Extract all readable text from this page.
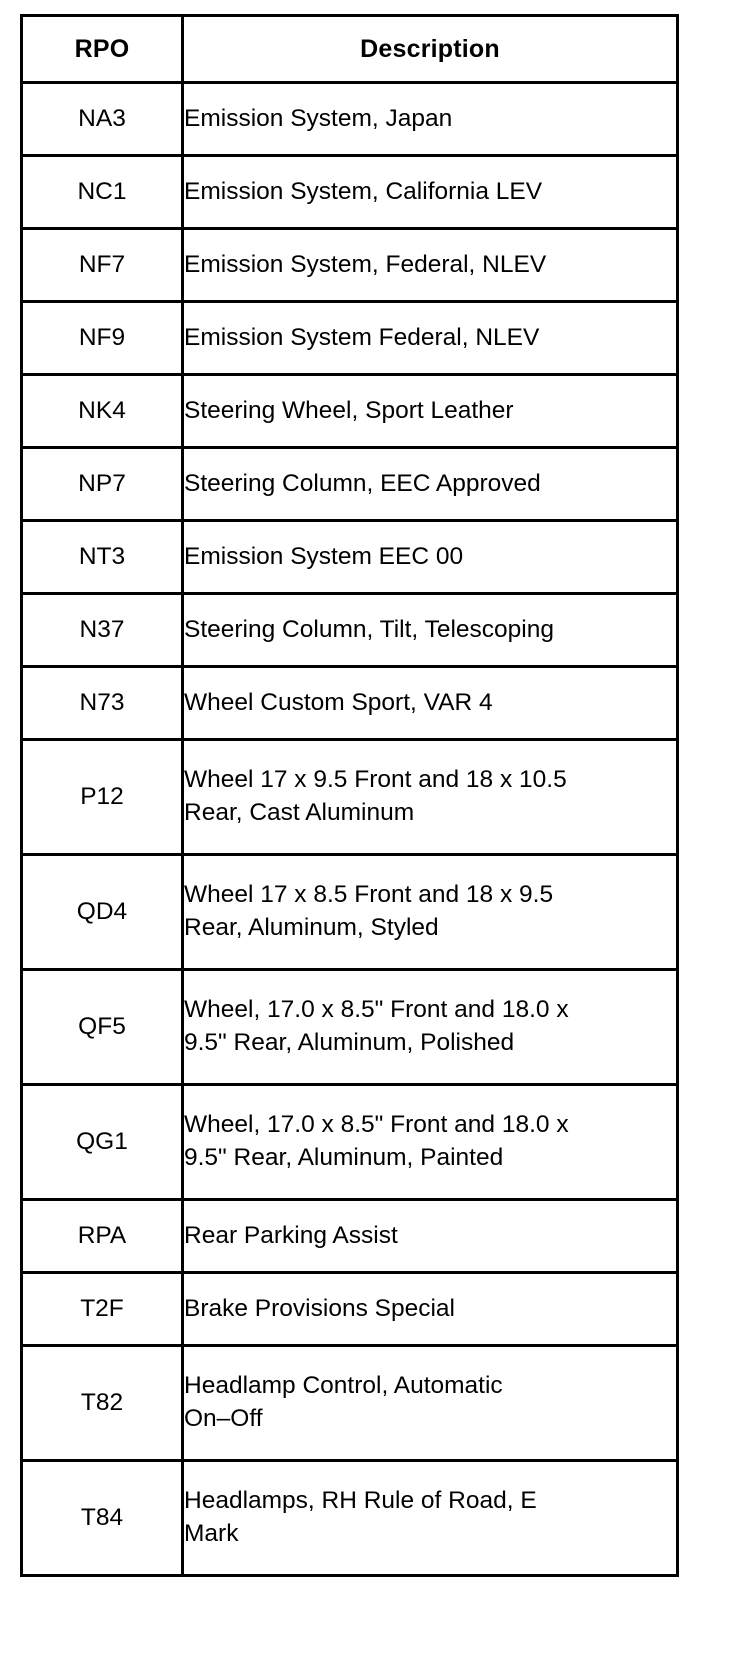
RPO	Description
NA3	Emission System, Japan

NC1	Emission System, California LEV

NF7	Emission System, Federal, NLEV

NF9	Emission System Federal, NLEV

NK4	Steering Wheel, Sport Leather

NP7	Steering Column, EEC Approved

NT3	Emission System EEC 00

N37	Steering Column, Tilt, Telescoping

N73	Wheel Custom Sport, VAR 4

P12	Wheel 17 x 9.5 Front and 18 x 10.5
Rear, Cast Aluminum

QD4	Wheel 17 x 8.5 Front and 18 x 9.5
Rear, Aluminum, Styled

QF5	Wheel, 17.0 x 8.5" Front and 18.0 x
9.5" Rear, Aluminum, Polished

QG1	Wheel, 17.0 x 8.5" Front and 18.0 x
9.5" Rear, Aluminum, Painted

RPA	Rear Parking Assist

T2F	Brake Provisions Special

T82	Headlamp Control, Automatic
On–Off

T84	Headlamps, RH Rule of Road, E
Mark
